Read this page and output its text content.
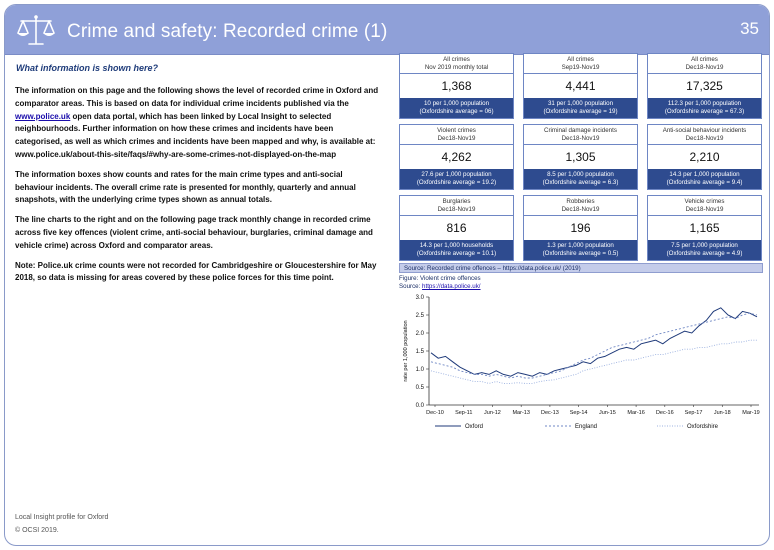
Crime and safety: Recorded crime (1)	35
What information is shown here?

The information on this page and the following shows the level of recorded crime in Oxford and comparator areas. This is based on data for individual crime incidents published via the www.police.uk open data portal, which has been linked by Local Insight to selected neighbourhoods. Further information on how these crimes and incidents have been categorised, as well as which crimes and incidents have been mapped and why, is available at: www.police.uk/about-this-site/faqs/#why-are-some-crimes-not-displayed-on-the-map

The information boxes show counts and rates for the main crime types and anti-social behaviour incidents. The overall crime rate is presented for monthly, quarterly and annual snapshots, with the underlying crime types shown as annual totals.

The line charts to the right and on the following page track monthly change in recorded crime across five key offences (violent crime, anti-social behaviour, burglaries, criminal damage and vehicle crime) across Oxford and comparator areas.

Note: Police.uk crime counts were not recorded for Cambridgeshire or Gloucestershire for May 2018, so data is missing for areas covered by these police forces for this time point.

Local Insight profile for Oxford
© OCSI 2019.
All crimes
Nov 2019 monthly total
1,368
10 per 1,000 population
(Oxfordshire average = 06)
All crimes
Sep19-Nov19
4,441
31 per 1,000 population
(Oxfordshire average = 19)
All crimes
Dec18-Nov19
17,325
112.3 per 1,000 population
(Oxfordshire average = 67.3)
Violent crimes
Dec18-Nov19
4,262
27.6 per 1,000 population
(Oxfordshire average = 19.2)
Criminal damage incidents
Dec18-Nov19
1,305
8.5 per 1,000 population
(Oxfordshire average = 6.3)
Anti-social behaviour incidents
Dec18-Nov19
2,210
14.3 per 1,000 population
(Oxfordshire average = 9.4)
Burglaries
Dec18-Nov19
816
14.3 per 1,000 households
(Oxfordshire average = 10.1)
Robberies
Dec18-Nov19
196
1.3 per 1,000 population
(Oxfordshire average = 0.5)
Vehicle crimes
Dec18-Nov19
1,165
7.5 per 1,000 population
(Oxfordshire average = 4.9)
Source: Recorded crime offences – https://data.police.uk/ (2019)
Figure: Violent crime offences
Source: https://data.police.uk/
0.0
0.5
1.0
1.5
2.0
2.5
3.0
rate per 1,000 population
Dec-10 Sep-11 Jun-12 Mar-13 Dec-13 Sep-14 Jun-15 Mar-16 Dec-16 Sep-17 Jun-18 Mar-19
Oxford	England	Oxfordshire
